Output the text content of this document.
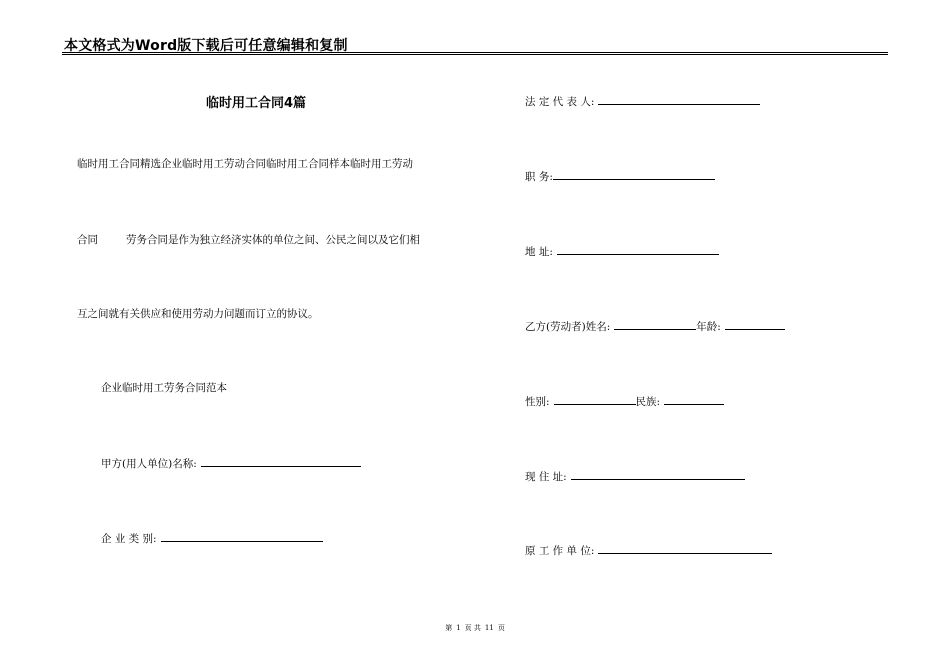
本文格式为Word版下载后可任意编辑和复制
临时用工合同4篇
临时用工合同精选企业临时用工劳动合同临时用工合同样本临时用工劳动
合同	劳务合同是作为独立经济实体的单位之间、公民之间以及它们相
互之间就有关供应和使用劳动力问题而订立的协议。
企业临时用工劳务合同范本
甲方(用人单位)名称:
企 业 类 别:
法 定 代 表 人:
职 务:
地 址:
乙方(劳动者)姓名:	年龄:
性别:	民族:
现 住 址:
原 工 作 单 位:
第 1 页 共 11 页
